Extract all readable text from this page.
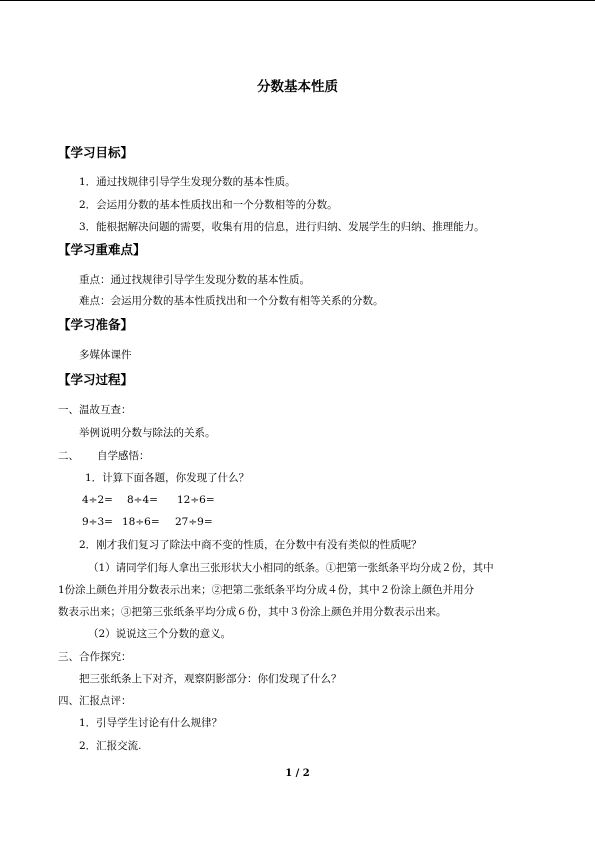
分数基本性质
【学习目标】
1．通过找规律引导学生发现分数的基本性质。
2．会运用分数的基本性质找出和一个分数相等的分数。
3．能根据解决问题的需要，收集有用的信息，进行归纳、发展学生的归纳、推理能力。
【学习重难点】
重点：通过找规律引导学生发现分数的基本性质。
难点：会运用分数的基本性质找出和一个分数有相等关系的分数。
【学习准备】
多媒体课件
【学习过程】
一、温故互查：
举例说明分数与除法的关系。
二、 自学感悟：
1．计算下面各题，你发现了什么？
4÷2= 8÷4= 12÷6=
9÷3= 18÷6= 27÷9=
2．刚才我们复习了除法中商不变的性质，在分数中有没有类似的性质呢？
（1）请同学们每人拿出三张形状大小相同的纸条。①把第一张纸条平均分成２份，其中
1份涂上颜色并用分数表示出来；②把第二张纸条平均分成４份，其中２份涂上颜色并用分
数表示出来；③把第三张纸条平均分成６份，其中３份涂上颜色并用分数表示出来。
（2）说说这三个分数的意义。
三、合作探究：
把三张纸条上下对齐，观察阴影部分：你们发现了什么？
四、汇报点评：
1．引导学生讨论有什么规律？
2．汇报交流.
1 / 2
